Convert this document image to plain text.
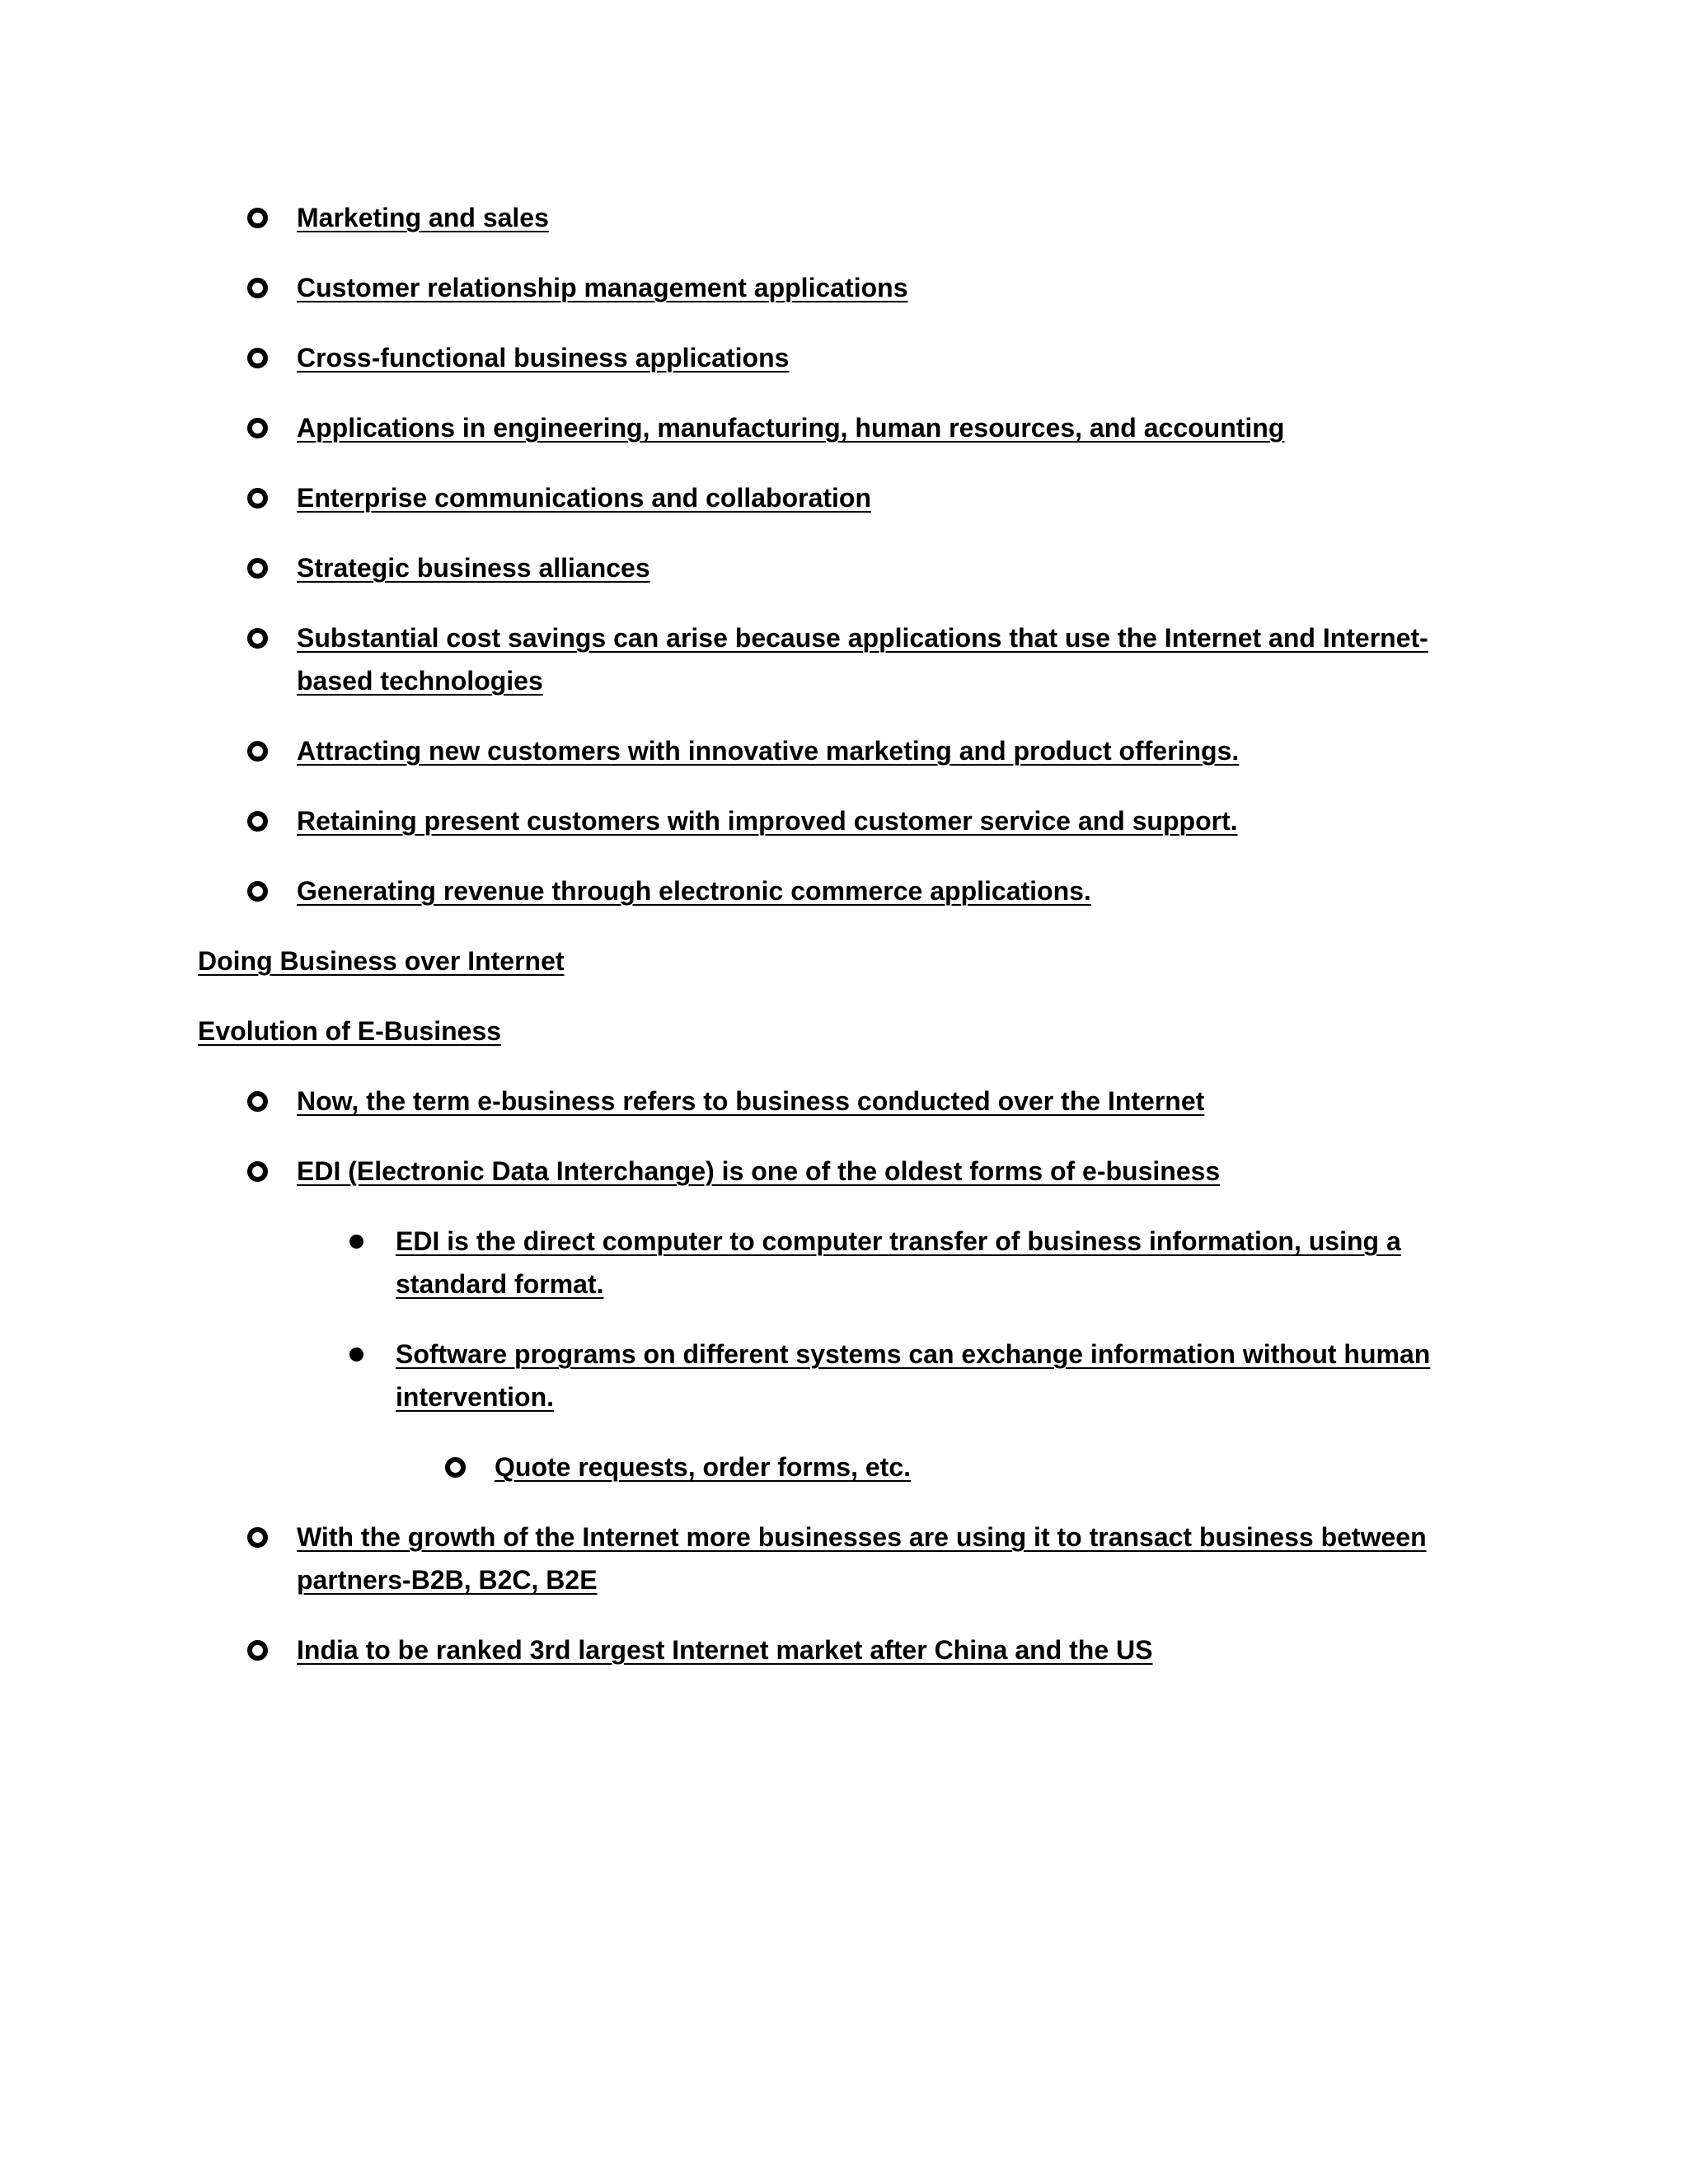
Marketing and sales
Customer relationship management applications
Cross-functional business applications
Applications in engineering, manufacturing, human resources, and accounting
Enterprise communications and collaboration
Strategic business alliances
Substantial cost savings can arise because applications that use the Internet and Internet-based technologies
Attracting new customers with innovative marketing and product offerings.
Retaining present customers with improved customer service and support.
Generating revenue through electronic commerce applications.
Doing Business over Internet
Evolution of E-Business
Now, the term e-business refers to business conducted over the Internet
EDI (Electronic Data Interchange) is one of the oldest forms of e-business
EDI is the direct computer to computer transfer of business information, using a standard format.
Software programs on different systems can exchange information without human intervention.
Quote requests, order forms, etc.
With the growth of the Internet more businesses are using it to transact business between partners-B2B, B2C, B2E
India to be ranked 3rd largest Internet market after China and the US
